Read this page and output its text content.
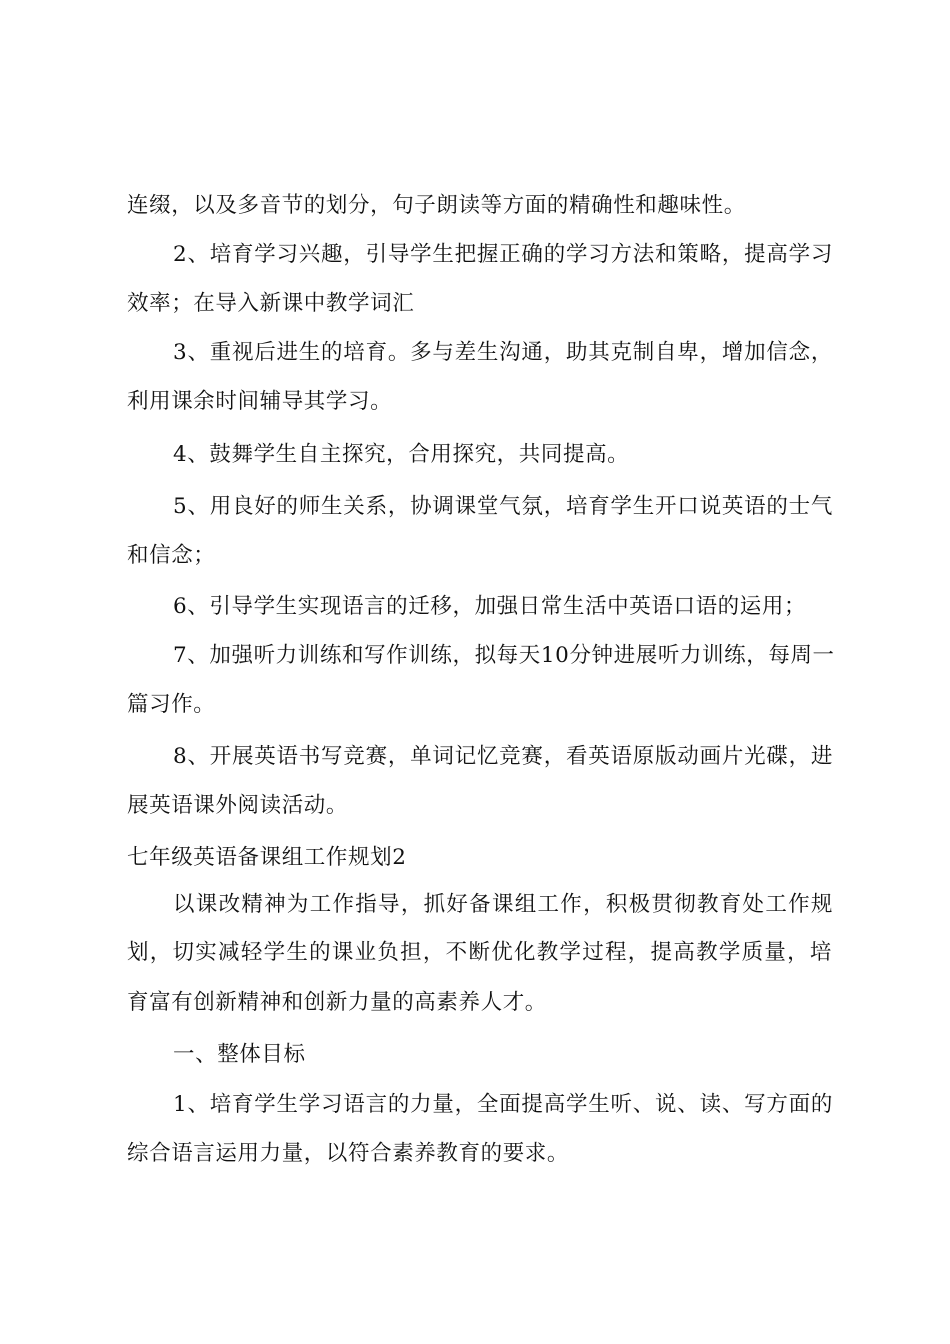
连缀，以及多音节的划分，句子朗读等方面的精确性和趣味性。
2、培育学习兴趣，引导学生把握正确的学习方法和策略，提高学习
效率；在导入新课中教学词汇
3、重视后进生的培育。多与差生沟通，助其克制自卑，增加信念，
利用课余时间辅导其学习。
4、鼓舞学生自主探究，合用探究，共同提高。
5、用良好的师生关系，协调课堂气氛，培育学生开口说英语的士气
和信念；
6、引导学生实现语言的迁移，加强日常生活中英语口语的运用；
7、加强听力训练和写作训练，拟每天10分钟进展听力训练，每周一
篇习作。
8、开展英语书写竞赛，单词记忆竞赛，看英语原版动画片光碟，进
展英语课外阅读活动。
七年级英语备课组工作规划2
以课改精神为工作指导，抓好备课组工作，积极贯彻教育处工作规
划，切实减轻学生的课业负担，不断优化教学过程，提高教学质量，培
育富有创新精神和创新力量的高素养人才。
一、整体目标
1、培育学生学习语言的力量，全面提高学生听、说、读、写方面的
综合语言运用力量，以符合素养教育的要求。
